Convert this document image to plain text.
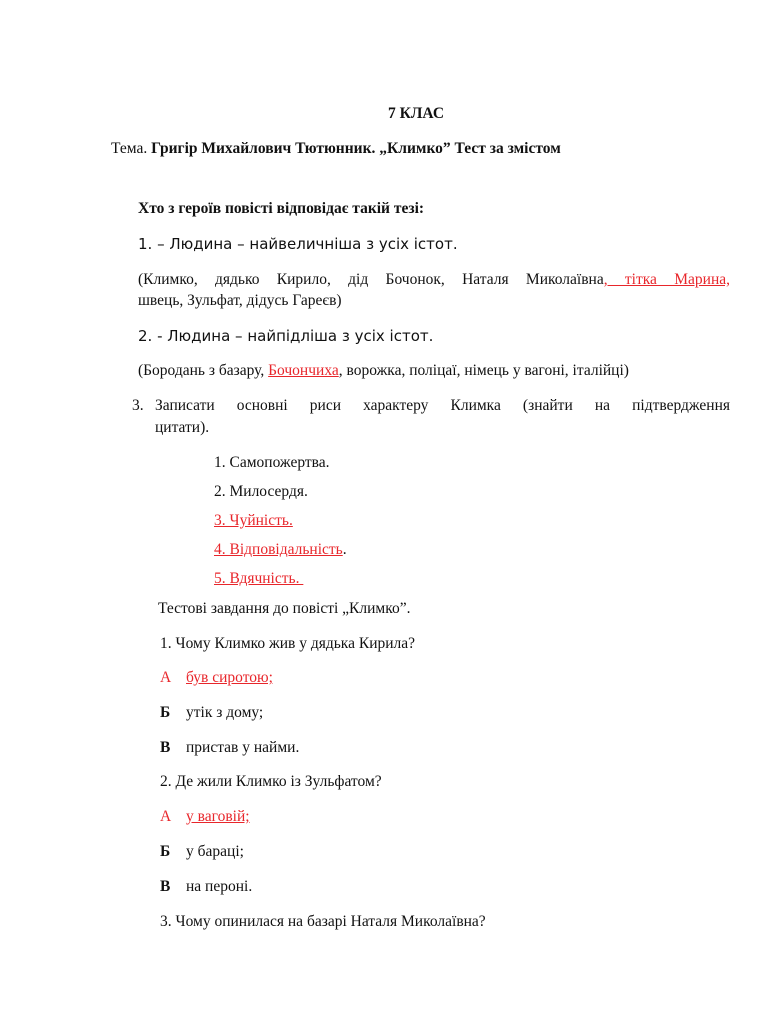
7 КЛАС
Тема. Григір Михайлович Тютюнник. „Климко” Тест за змістом
Хто з героїв повісті відповідає такій тезі:
1. – Людина – найвеличніша з усіх істот.
(Климко, дядько Кирило, дід Бочонок, Наталя Миколаївна, тітка Марина,
швець, Зульфат, дідусь Гареєв)
2. - Людина – найпідліша з усіх істот.
(Бородань з базару, Бочончиха, ворожка, поліцаї, німець у вагоні, італійці)
3. Записати основні риси характеру Климка (знайти на підтвердження
цитати).
1. Самопожертва.
2. Милосердя.
3. Чуйність.
4. Відповідальність.
5. Вдячність.
Тестові завдання до повісті „Климко”.
1. Чому Климко жив у дядька Кирила?
А був сиротою;
Б утік з дому;
В пристав у найми.
2. Де жили Климко із Зульфатом?
А у ваговій;
Б у бараці;
В на пероні.
3. Чому опинилася на базарі Наталя Миколаївна?
